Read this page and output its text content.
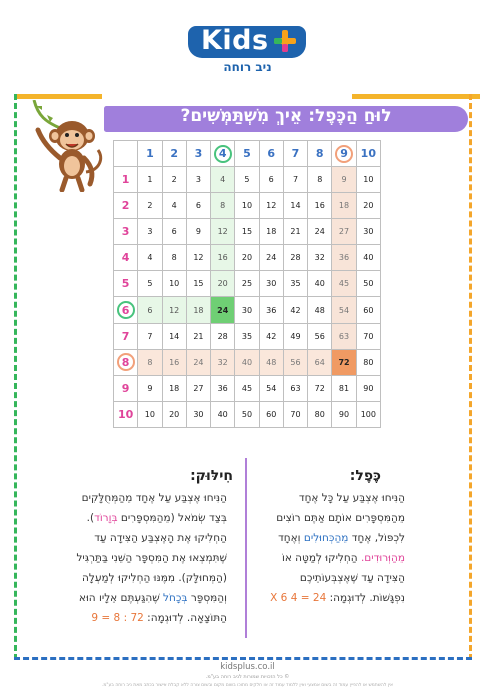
Kids
ניב רוחה
לוּחַ הַכֶּפֶל: אֵיךְ מִשְׁתַּמְּשִׁים?
	1	2	3	4	5	6	7	8	9	10
1	1	2	3	4	5	6	7	8	9	10
2	2	4	6	8	10	12	14	16	18	20
3	3	6	9	12	15	18	21	24	27	30
4	4	8	12	16	20	24	28	32	36	40
5	5	10	15	20	25	30	35	40	45	50
6	6	12	18	24	30	36	42	48	54	60
7	7	14	21	28	35	42	49	56	63	70
8	8	16	24	32	40	48	56	64	72	80
9	9	18	27	36	45	54	63	72	81	90
10	10	20	30	40	50	60	70	80	90	100
כֶּפֶל:
הַנִּיחוּ אֶצְבַּע עַל כָּל אֶחָד
מֵהַמִּסְפָּרִים אוֹתָם אַתֶּם רוֹצִים
לִכְפּוֹל, אֶחָד מֵהַכְּחוּלִים וְאֶחָד
מֵהַוְּרוּדִים. הַחְלִיקוּ לְמַטָּה אוֹ
הַצִּידָה עַד שֶׁאֶצְבְּעוֹתֵיכֶם
נִפְגָּשׁוֹת. לְדוּגְמָה: 24 = 4 X 6
חִילּוּק:
הַנִּיחוּ אֶצְבַּע עַל אֶחָד מֵהַמְּחֻלָּקִים
בְּצַד שְׂמֹאל (מֵהַמִּסְפָּרִים בְּוָרוֹד).
הַחְלִיקוּ אֶת הָאֶצְבַּע הַצִּידָה עַד
שֶׁתִּמְצְאוּ אֶת הַמִּסְפָּר הַשֵּׁנִי בַּתַּרְגִּיל
(הַמְּחוּלָּק). מִמֶּנּוּ הַחְלִיקוּ לְמַעְלָה
וְהַמִּסְפָּר בְּכָחֹל שֶׁהִגַּעְתֶּם אֵלָיו הוּא
הַתּוֹצָאָה. לְדוּגְמָה: 72 : 8 = 9
kidsplus.co.il
© כל הזכויות שמורות לניב רוחה בע"מ.
אין להשתמש או להפיץ עמוד זה בשום אמצעי ואין ללמוד עמוד זה או חלקים מתוכו בשום מקום ובשום צורה ללא קבלת אישור בכתב מאת ניב רוחה בע"מ.
